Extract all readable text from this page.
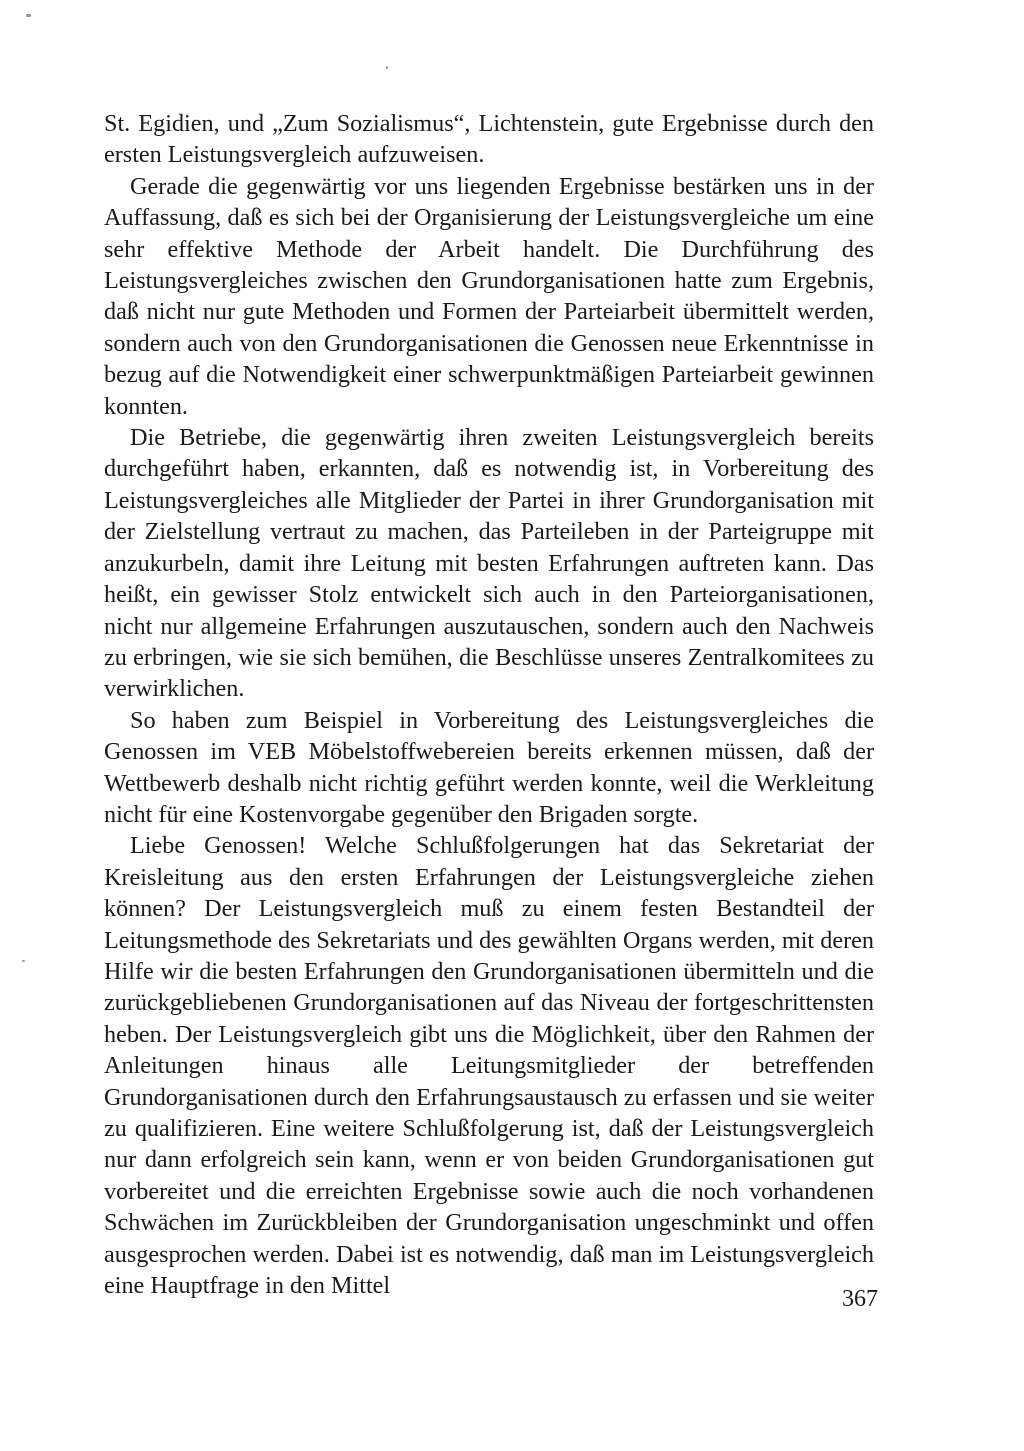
St. Egidien, und „Zum Sozialismus“, Lichtenstein, gute Ergebnisse durch den ersten Leistungsvergleich aufzuweisen.

Gerade die gegenwärtig vor uns liegenden Ergebnisse bestärken uns in der Auffassung, daß es sich bei der Organisierung der Leistungsvergleiche um eine sehr effektive Methode der Arbeit handelt. Die Durchführung des Leistungsvergleiches zwischen den Grundorganisationen hatte zum Ergebnis, daß nicht nur gute Methoden und Formen der Parteiarbeit übermittelt werden, sondern auch von den Grundorganisationen die Genossen neue Erkenntnisse in bezug auf die Notwendigkeit einer schwerpunktmäßigen Parteiarbeit gewinnen konnten.

Die Betriebe, die gegenwärtig ihren zweiten Leistungsvergleich bereits durchgeführt haben, erkannten, daß es notwendig ist, in Vorbereitung des Leistungsvergleiches alle Mitglieder der Partei in ihrer Grundorganisation mit der Zielstellung vertraut zu machen, das Parteileben in der Parteigruppe mit anzukurbeln, damit ihre Leitung mit besten Erfahrungen auftreten kann. Das heißt, ein gewisser Stolz entwickelt sich auch in den Parteiorganisationen, nicht nur allgemeine Erfahrungen auszutauschen, sondern auch den Nachweis zu erbringen, wie sie sich bemühen, die Beschlüsse unseres Zentralkomitees zu verwirklichen.

So haben zum Beispiel in Vorbereitung des Leistungsvergleiches die Genossen im VEB Möbelstoffwebereien bereits erkennen müssen, daß der Wettbewerb deshalb nicht richtig geführt werden konnte, weil die Werkleitung nicht für eine Kostenvorgabe gegenüber den Brigaden sorgte.

Liebe Genossen! Welche Schlußfolgerungen hat das Sekretariat der Kreisleitung aus den ersten Erfahrungen der Leistungsvergleiche ziehen können? Der Leistungsvergleich muß zu einem festen Bestandteil der Leitungsmethode des Sekretariats und des gewählten Organs werden, mit deren Hilfe wir die besten Erfahrungen den Grundorganisationen übermitteln und die zurückgebliebenen Grundorganisationen auf das Niveau der fortgeschrittensten heben. Der Leistungsvergleich gibt uns die Möglichkeit, über den Rahmen der Anleitungen hinaus alle Leitungsmitglieder der betreffenden Grundorganisationen durch den Erfahrungsaustausch zu erfassen und sie weiter zu qualifizieren. Eine weitere Schlußfolgerung ist, daß der Leistungsvergleich nur dann erfolgreich sein kann, wenn er von beiden Grundorganisationen gut vorbereitet und die erreichten Ergebnisse sowie auch die noch vorhandenen Schwächen im Zurückbleiben der Grundorganisation ungeschminkt und offen ausgesprochen werden. Dabei ist es notwendig, daß man im Leistungsvergleich eine Hauptfrage in den Mittel	367
